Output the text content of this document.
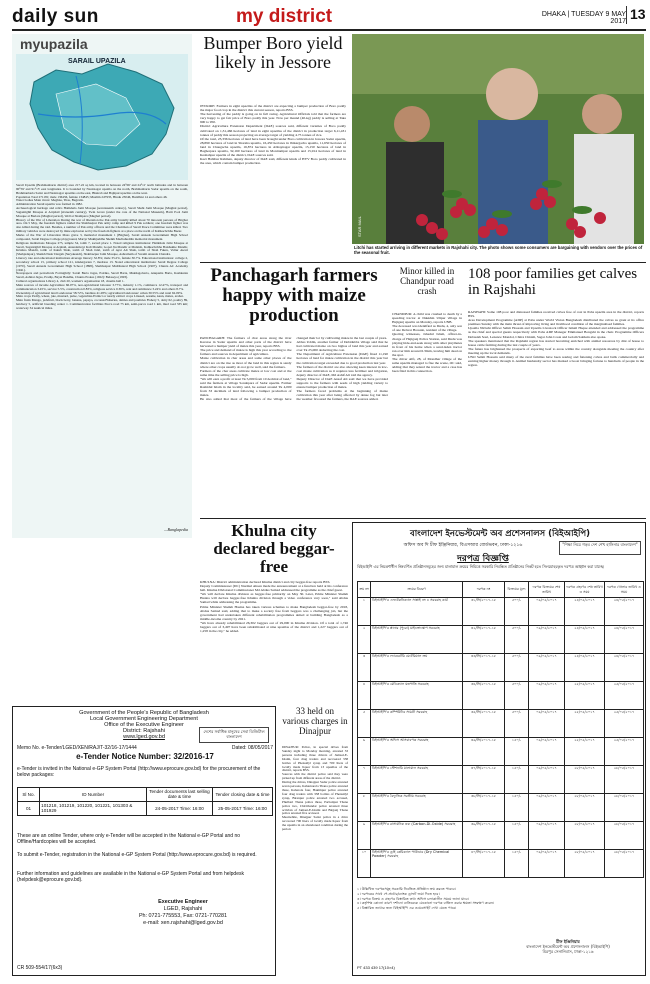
daily sun	my district	DHAKA | TUESDAY 9 MAY 2017 13
myupazila
SARAIL UPAZILA
Sarail Upazila (Brahmanbaria district) area 217.22 sq km, located in between 24°06' and 24°11' north latitudes and in between 90°59' and 91°15' east longitudes. It is bounded by Nasirnagar upazila on the north, Brahmanbaria Sadar upazila on the south, Brahmanbaria Sadar and Nasirnagar upazilas on the east, Bhairab and Bajitpur upazilas on the west.
Population Total 271181; male 136436, female 134845; Muslim 247935, Hindu 23046, Buddhist 14 and others 46.
Water bodies Main rivers: Meghna, Titas, Bugraila.
Administration Sarail upazila was formed in 1982.
Archaeological heritage and relics Hatikhala Jami Mosque (seventeenth century), Sarail Shahi Jami Mosque (Mughal period), Sugantighil Mosque at Arrphail (sixteenth century), Twin Grave (under the care of the National Museum), Hatir Pool Jami Mosque at Bariara (Mughal period), Well at Shahipara (Mughal period).
History of the War of Liberation During the war of liberation the Pak army brutally killed about 70 innocent persons of Bitghar area. On 5 May, the freedom fighters raided the Shahbazpur Pak army camp and killed 9 Pak soldiers; one freedom fighter was also killed during the raid. Besides, a number of Pak army officers and the Chairman of Sarail Peace Committee were killed. Two military vehicles were destroyed by mine explosion set by the freedom fighters at a place on the north of Kalikachchha Bazar.
Marks of the War of Liberation Mass grave 3, memorial monument 1 (Bitghar), Sarail Annada Government High School compound, Sarail Degree College playground, Martyr Mukhjuddha Sheikh Mezbahuddin memorial monument.
Religious institutions Mosque 275, temple 34, tomb 7, sacred place 1. Noted religious institutions: Hatikhala Jami Mosque at Sarail, Sugantighil Mosque at Arphail, Anandamoyi Kali Mandir, Gopal Jiu Mandir at Malaish, Kalikachchha Baishakhe Mandir, Krishna Mandir, tomb of Kutub Shah, tomb of Shah Jalal, tomb of Ayat Ali Shah, tomb of Shah Fukru, Valiur Awari (Shahjadapur), Sheikh Nasir Dargah (Suryakandi), Shahbazpur Jami Mosque, Ashramam of Swami Ananda Chandra.
Literacy rate and educational institutions Average literacy 32.8%; male 35.2%, female 30.7%. Educational institutions: college 2, secondary school 15, primary school 121, kindergarten 7, madrasa 13. Noted educational institutions: Sarail Degree College (1970), Sarail Annada Government High School (1898), Shahbazpur Multilateral High School (1907), Chunta AC Academy (1941).
Newspapers and periodicals Fortnightly: Sarail Barta Jagas, Patrika, Sarail Barta, Mukhagobarta, Anupama Barta, Kashkanta Sarail, Ashitai Jagas, Pradip, Bayat Bandhu, Chunta Prokas (1922)/ Belaseya (1993).
Cultural organisations Library 4, club 20, women's organisation 18, cinema hall 1.
Main sources of income Agriculture 66.07%, non-agricultural labourer 3.77%, industry 1.1%, commerce 12.47%, transport and communication 3.45%, service 5.5%, construction 0.83%, religious service 0.36%, rent and remittance 3.24% and others 8.7%.
Ownership of agricultural land Landowner 58.72%, landless 41.28%; agricultural landowner: urban 30.55% and rural 62.09%.
Main crops Paddy, wheat, jute, mustard, pulse, vegetables.Extinct or nearly extinct crops Linseed, sesame, kaun, maize, arahar.
Main fruits Mango, jackfruit, black berry, banana, papaya, coconut.Fisheries, dairies and poultries Fishery 5, dairy 62, poultry 89, hatchery 5, artificial breeding center 1. Communication facilities Pucca road 75 km, semi-pucca road 1 km, mud road 335 km; waterway 34 nautical miles.
—Banglapedia
Bumper Boro yield likely in Jessore
JESSORE: Farmers in eight upazilas of the district are expecting a bumper production of Boro paddy the major food crop in the district this current season, reports BSS.
The harvesting of the paddy is going on in full swing. Agricultural Officials told that the farmers are very happy to get fair price of Boro paddy this year. Now per maund (40-kg) paddy is selling at Taka 900 to 950.
District Agriculture Extension Department (DAE) sources said, different varieties of Boro paddy cultivated on 1,31,466 hectares of land in eight upazilas of the district in production target 6,11,431 tonnes of paddy this season projecting an average target of yielding 4.75 tonnes of rice.
Of the total, 23,336 hectares of land have been brought under Boro cultivation in Jessore Sadar upazila, 28,890 hectares of land in Sharsha upazila, 16,450 hectares in Jhikargacha upazila, 11,650 hectares of land in Chaugacha upazila, 16,874 hectares in Abhaynagar upazila, 15,150 hectares of land in Bagherpara upazila, 32,160 hectares of land in Monirampur upazila and 15,914 hectares of land in Keshabpur upazila of the district, DAE sources said.
Kazi Habibur Rahman, deputy director of DAE said, different kinds of HYV Boro paddy cultivated in the area, which contain bumper production.
STAR MAIL
Litchi has started arriving in different markets in Rajshahi city. The photo shows some consumers are bargaining with vendors over the prices of the seasonal fruit.
Panchagarh farmers happy with maize production
PANCHAGARH: The farmers of char areas along the river Karatoa in Sadar upazila and other parts of the district have harvested a bumper yield of maize this year, reports BSS.
The price and demand of maize is high this year according to the farmers and sources in department of agriculture.
Maize cultivation in char areas and some other places of the district are on the rise as most of the land in this region is sandy where other crops usually do not grow well, said the farmers.
Farmers of the char areas cultivate maize at low cost and at the same time the selling price is high.
"We will earn a profit at least Tk 5,000 from 10 decimal of land," said the farmers at village Sonahpara of Sadar upazila. Farmer Rashidul Islam in the locality said, he earned around Tk 4,000 from 33 decimals of land following a bumper production of maize.
He also added that most of the farmers of the village have changed their lot by cultivating maize in the last couple of years.
Abbas Uddin, another farmer of Debidubba village said that he had cultivated maize on two bighas of land this year and earned over Tk 25,000 deducting the cost.
The Department of Agriculture Extension (DAE) fixed 11,190 hectares of land for maize cultivation in the district this year but the cultivation target exceeded due to good production last year.
The farmers of the district are also showing keen interest in low-cost maize cultivation as it requires less fertiliser and irrigation, deputy director of DAE, Md Ashif Ali told the agency.
Deputy Director of DAE Ansaf Ali said that we have provided supports to the farmers with seeds of high yielding variety to ensure bumper production of maize.
The farmers faced problems at the beginning of maize cultivation this year after being affected by dense fog but later the weather favoured the farmers, the DAE sources added.
Minor killed in Chandpur road crash
CHANDPUR: A child was crushed to death by a speeding tractor at Dakkhin Ulipur village in Hajiganj upazila on Monday, reports UNB.
The deceased was identified as Dudu, 4, only son of one Delwar Hossain, resident of the village.
Quoting witnesses, Jahedul Islam, officer-in-charge of Hajiganj Police Station, said Dudu was playing hide-and-seek along with other playmates in front of his home when a sand-laden tractor ran over him around 6.30am, leaving him dead on the spot.
The driver Alfi, 28, of Mondhar village of the same upazila managed to flee the scene, OC said, adding that they seized the tractor and a case has been filed in this connection.
108 poor families get calves in Rajshahi
RAJSHAHI: Some 108 poor and distressed families received calves free of cost in Paba upazila area in the district, reports BSS.
Area Development Programme (ADP) at Paba under World Vision Bangladesh distributed the calves as grant at its office premises Sunday with the main thrust of improving living and livelihood condition of the marginalised families.
Upazila Nirbahi Officer Selim Hossain and Upazila Livestock Officer Ismail Haque attended and addressed the programme as the chief and special guests respectively with Paba ADP Manager Emmanuel Bongshi in the chair. Programme Officers Debasish Soul, Lenance Mondol, Chitra Chisim, Sagar John Costa and Golam Sakhain also spoke.
The speakers mentioned that the Rajshahi region has started becoming enriched with animal resources by dint of house to house cattle farming during the last couple of years.
The future has brightened the prospects of exporting beef to areas within the country alongside meeting the country after meeting up the local demands.
UNO Selim Hossain said many of the rural families have been rearing and fattening calves and bulls commercially and earning higher money through it. Animal husbandry sector has marked a boost bringing fortune to hundreds of people in the region.
Khulna city declared beggar-free
KHULNA: District administration declared Khulna district and city beggar-free reports BSS.
Deputy Commissioner (DC) Nazmul Ahsan made the announcement at a function held at his conference hall. Khulna Divisional Commissioner Md Abdus Samad addressed the programme as the chief guest.
"We will declare Khulna division as beggar-free primarily on May 30. Later, Prime Minister Sheikh Hasina will declare beggar-free Khulna division through a video conference very soon," said Abdus Samad while addressing the programme.
Prime Minister Sheikh Hasina has taken various schemes to make Bangladesh beggar-free by 2018, Abdus Samad said, adding that to make a society free from beggars was a challenging job, but the government had undertaken different rehabilitation programmes aimed at building Bangladesh as a middle-income country by 2021.
"We have already rehabilitated 26,302 beggars out of 29,000 in Khulna division. Of a total of 1,746 beggars out of 3,497 have been rehabilitated at nine upazilas of the district and 1,227 beggars out of 1,258 in the city," he added.
Government of the People's Republic of Bangladesh
Local Government Engineering Department
Office of the Executive Engineer
District: Rajshahi
www.lged.gov.bd
দেশের সর্বাধিক মানুষের সেবা ডিজিটাল বাংলাদেশ
Memo No. e-Tender/LGED/XEN/RAJ/T-32/16-17/1444	Dated: 08/05/2017
e-Tender Notice Number: 32/2016-17
e-Tender is invited in the National e-GP System Portal (http://www.eprocure.gov.bd) for the procurement of the below packages:
Sl No.	ID Number	Tender documents last selling date & time	Tender closing date & time
01	101218, 101219, 101220, 101221, 101303 & 101929	24-05-2017 Time: 16:00	25-05-2017 Time: 16:00
These are an online Tender, where only e-Tender will be accepted in the National e-GP Portal and no Offline/Hardcopies will be accepted.
To submit e-Tender, registration in the National e-GP System Portal (http://www.eprocure.gov.bd) is required.
Further information and guidelines are available in the National e-GP System Portal and from helpdesk (helpdesk@eprocure.gov.bd).
Executive Engineer
LGED, Rajshahi
Ph: 0721-775553, Fax: 0721-770281
e-mail: xen.rajshahi@lged.gov.bd
CR 509-554/17(6x3)
33 held on various charges in Dinajpur
DINAJPUR: Police, in special drives from Sunday night to Monday morning, arrested 33 persons including three drivers of Jamaal-E-Islami, four drug traders and recovered 338 bottles of Phensidyl syrup and 700 liters of locally made liquor from 13 upazilas of the district, reports BSS.
Sources with the district police said they were picked up from different areas of the district.
During the drives, Dinajpur Sadar police arrested seven persons, Kaharnarola Thana police arrested three, Kaharole four, Hakimpur police arrested four drug traders with 338 bottles of Phensidyl syrup, Biranpur police arrested two accused, Phulbari Thana police three, Parbatipur Thana police two, Chirirbandar police arrested three activists of Jamaat-E-Islami and Birganj Thana police arrested five accused.
Meanwhile, Dinajpur Sadar police in a drive recovered 700 liters of locally made liquor from the upazila in an abandoned condition during the period.
বাংলাদেশ ইনভেস্টমেন্ট অব প্রশেসনালস (বিইআইপি)
অফিস অব দি চীফ ইঞ্জিনিয়ার, বিএসআর বোর্ডভবন, ঢাকা-১২১৬	"শিক্ষা নিয়ে গড়ব দেশ শেখ হাসিনার বাংলাদেশ"
দরপত্র বিজ্ঞপ্তি
বিইআইপি এর নিয়ন্ত্রণাধীন নিম্নবর্ণিত প্রতিষ্ঠানসমূহের জন্য মালামাল ক্রয়ের নিমিত্তে সরকারি নিবন্ধিত প্রতিষ্ঠানের নিকট হতে সিলমোহরকৃত দরপত্র আহ্বান করা যাচ্ছে।
ক্রম নং	ক্রয়ের বিবরণ	দরপত্র নং	বিক্রয়ের মূল্য	দরপত্র বিক্রয়ের শেষ তারিখ	দরপত্র গ্রহণের শেষ তারিখ ও সময়	দরপত্র খোলার তারিখ ও সময়
১	বিইআইপি'র এফটেকনিক্যাল সাপ্লাই নং ৪ সরবরাহ কার্য	৩১/সি/২০১৭-১৮	৫০০/-	০৯/০৫/২০১৭	২৪/০৫/২০১৭	২৪/০৫/২০১৭
২	বিইআইপি'র প্লানার (পুরো) মাইক্রোস্কোপ সরবরাহ	৩২/সি/২০১৭-১৮	৫০০/-	০৯/০৫/২০১৭	২৪/০৫/২০১৭	২৪/০৫/২০১৭
৩	বিইআইপি'র ল্যাবরেটরি মেটেরিয়াল ক্রয়	৩৩/সি/২০১৭-১৮	৫০০/-	০৯/০৫/২০১৭	২৪/০৫/২০১৭	২৪/০৫/২০১৭
৪	বিইআইপি'র মেডিক্যাল যন্ত্রপাতি সরবরাহ	৩৪/সি/২০১৭-১৮	৫০০/-	০৯/০৫/২০১৭	২৫/০৫/২০১৭	২৫/০৫/২০১৭
৫	বিইআইপি'র কম্পিউটার সামগ্রী সরবরাহ	৩৫/সি/২০১৭-১৮	৫০০/-	০৯/০৫/২০১৭	২৫/০৫/২০১৭	২৫/০৫/২০১৭
৬	বিইআইপি'র অফিস আসবাবপত্র সরবরাহ	৩৬/সি/২০১৭-১৮	১৫০/-	০৯/০৫/২০১৭	২৫/০৫/২০১৭	২৫/০৫/২০১৭
৭	বিইআইপি'র স্টেশনারি মালামাল সরবরাহ	৩৭/সি/২০১৭-১৮	১৫০/-	০৯/০৫/২০১৭	২৮/০৫/২০১৭	২৮/০৫/২০১৭
৮	বিইআইপি'র বৈদ্যুতিক সরঞ্জাম সরবরাহ	৩৮/সি/২০১৭-১৮	১৫০/-	০৯/০৫/২০১৭	২৮/০৫/২০১৭	২৮/০৫/২০১৭
৯	বিইআইপি'র রাসায়নিক দ্রব্য (Carbon-Di-Oxide) সরবরাহ	৩৯/সি/২০১৭-১৮	১৫০/-	০৯/০৫/২০১৭	২৮/০৫/২০১৭	২৮/০৫/২০১৭
১০	বিইআইপি'র ড্রাই কেমিক্যাল পাউডার (Dry Chemical Powder) সরবরাহ	৪০/সি/২০১৭-১৮	১৫০/-	০৯/০৫/২০১৭	২৮/০৫/২০১৭	২৮/০৫/২০১৭
১। উল্লিখিত দরপত্রসমূহ সরকারি নিবন্ধিত প্রতিষ্ঠান ক্রয় করতে পারবে।
২। দরপত্রের সাথে পে-অর্ডার/ব্যাংক ড্রাফট জমা দিতে হবে।
৩। দরপত্র বিক্রয় ও গ্রহণের বিস্তারিত তথ্য অফিস চলাকালীন সময়ে জানা যাবে।
৪। কর্তৃপক্ষ কোনো কারণ দর্শানো ব্যতিরেকে যেকোনো দরপত্র বাতিল করার ক্ষমতা সংরক্ষণ করেন।
৫। বিস্তারিত তথ্যের জন্য বিইআইপি এর ওয়েবসাইট দেখা যেতে পারে।
চীফ ইঞ্জিনিয়ার
বাংলাদেশ ইনভেস্টমেন্ট অব প্রশেসনালস (বিইআইপি)
মিরপুর সেনানিবাস, ঢাকা-১২১৬
PT 433 439 17(10×4)
